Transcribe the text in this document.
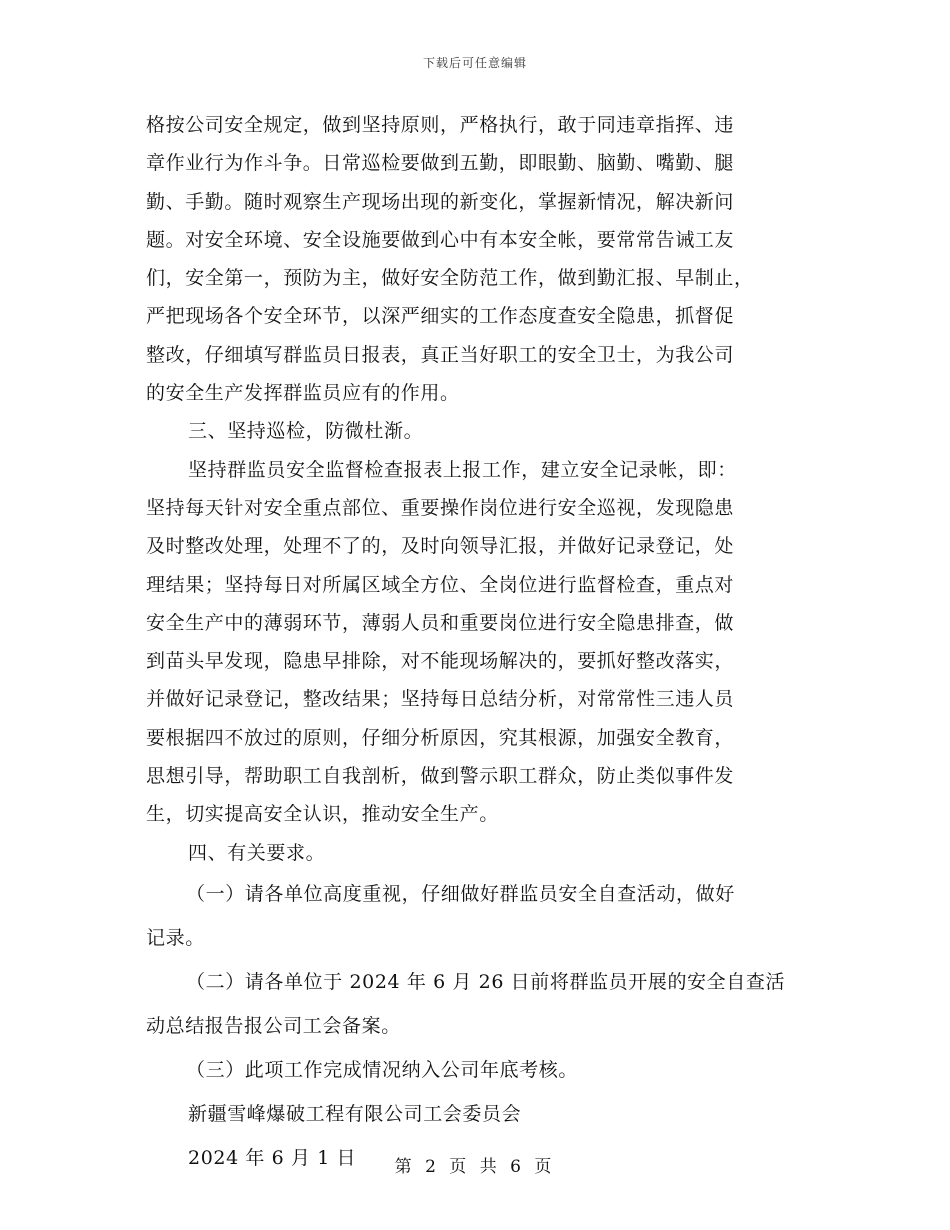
下载后可任意编辑
格按公司安全规定，做到坚持原则，严格执行，敢于同违章指挥、违
章作业行为作斗争。日常巡检要做到五勤，即眼勤、脑勤、嘴勤、腿
勤、手勤。随时观察生产现场出现的新变化，掌握新情况，解决新问
题。对安全环境、安全设施要做到心中有本安全帐，要常常告诫工友
们，安全第一，预防为主，做好安全防范工作，做到勤汇报、早制止，
严把现场各个安全环节，以深严细实的工作态度查安全隐患，抓督促
整改，仔细填写群监员日报表，真正当好职工的安全卫士，为我公司
的安全生产发挥群监员应有的作用。
三、坚持巡检，防微杜渐。
坚持群监员安全监督检查报表上报工作，建立安全记录帐，即：
坚持每天针对安全重点部位、重要操作岗位进行安全巡视，发现隐患
及时整改处理，处理不了的，及时向领导汇报，并做好记录登记，处
理结果；坚持每日对所属区域全方位、全岗位进行监督检查，重点对
安全生产中的薄弱环节，薄弱人员和重要岗位进行安全隐患排查，做
到苗头早发现，隐患早排除，对不能现场解决的，要抓好整改落实，
并做好记录登记，整改结果；坚持每日总结分析，对常常性三违人员
要根据四不放过的原则，仔细分析原因，究其根源，加强安全教育，
思想引导，帮助职工自我剖析，做到警示职工群众，防止类似事件发
生，切实提高安全认识，推动安全生产。
四、有关要求。
（一）请各单位高度重视，仔细做好群监员安全自查活动，做好
记录。
（二）请各单位于 2024 年 6 月 26 日前将群监员开展的安全自查活
动总结报告报公司工会备案。
（三）此项工作完成情况纳入公司年底考核。
新疆雪峰爆破工程有限公司工会委员会
2024 年 6 月 1 日	第 2 页 共 6 页
